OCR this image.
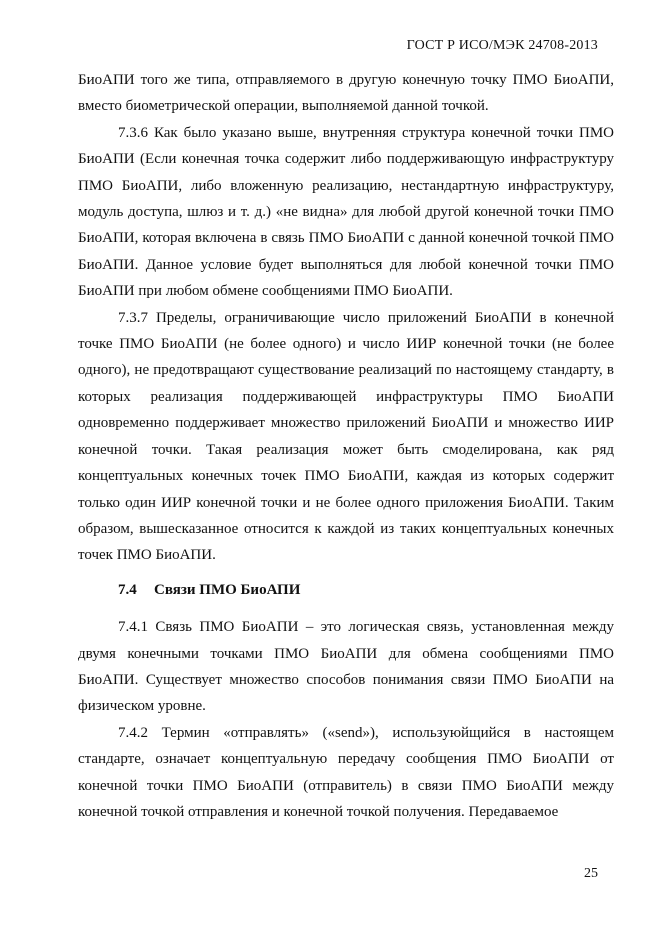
ГОСТ Р ИСО/МЭК 24708-2013

БиоАПИ того же типа, отправляемого в другую конечную точку ПМО БиоАПИ, вместо биометрической операции, выполняемой данной точкой.

7.3.6 Как было указано выше, внутренняя структура конечной точки ПМО БиоАПИ (Если конечная точка содержит либо поддерживающую инфраструктуру ПМО БиоАПИ, либо вложенную реализацию, нестандартную инфраструктуру, модуль доступа, шлюз и т. д.) «не видна» для любой другой конечной точки ПМО БиоАПИ, которая включена в связь ПМО БиоАПИ с данной конечной точкой ПМО БиоАПИ. Данное условие будет выполняться для любой конечной точки ПМО БиоАПИ при любом обмене сообщениями ПМО БиоАПИ.

7.3.7 Пределы, ограничивающие число приложений БиоАПИ в конечной точке ПМО БиоАПИ (не более одного) и число ИИР конечной точки (не более одного), не предотвращают существование реализаций по настоящему стандарту, в которых реализация поддерживающей инфраструктуры ПМО БиоАПИ одновременно поддерживает множество приложений БиоАПИ и множество ИИР конечной точки. Такая реализация может быть смоделирована, как ряд концептуальных конечных точек ПМО БиоАПИ, каждая из которых содержит только один ИИР конечной точки и не более одного приложения БиоАПИ. Таким образом, вышесказанное относится к каждой из таких концептуальных конечных точек ПМО БиоАПИ.

7.4 Связи ПМО БиоАПИ

7.4.1 Связь ПМО БиоАПИ – это логическая связь, установленная между двумя конечными точками ПМО БиоАПИ для обмена сообщениями ПМО БиоАПИ. Существует множество способов понимания связи ПМО БиоАПИ на физическом уровне.

7.4.2 Термин «отправлять» («send»), используюйщийся в настоящем стандарте, означает концептуальную передачу сообщения ПМО БиоАПИ от конечной точки ПМО БиоАПИ (отправитель) в связи ПМО БиоАПИ между конечной точкой отправления и конечной точкой получения. Передаваемое

25
